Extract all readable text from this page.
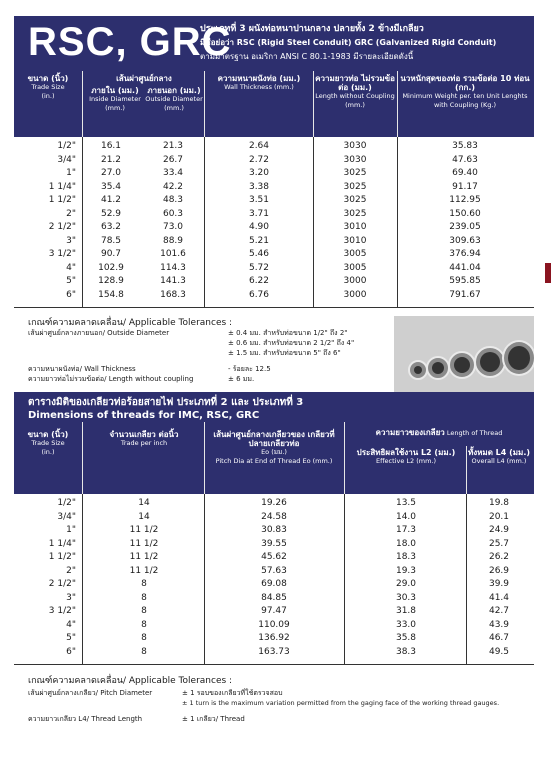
RSC, GRC
ประเภทที่ 3 ผนังท่อหนาปานกลาง ปลายทั้ง 2 ข้างมีเกลียว
มีชื่อย่อว่า RSC (Rigid Steel Conduit) GRC (Galvanized Rigid Conduit)
ตามมาตรฐาน อเมริกา ANSI C 80.1-1983 มีรายละเอียดดังนี้
ขนาด (นิ้ว)
Trade Size (in.)
เส้นผ่าศูนย์กลาง
ภายใน (มม.)
Inside Diameter (mm.)
ภายนอก (มม.)
Outside Diameter (mm.)
ความหนาผนังท่อ (มม.)
Wall Thickness (mm.)
ความยาวท่อ ไม่รวมข้อต่อ (มม.)
Length without Coupling (mm.)
นวหนักสุดของท่อ รวมข้อต่อ 10 ท่อน (กก.)
Minimum Weight per. ten Unit Lenghts with Coupling (Kg.)
1/2"	16.1	21.3	2.64	3030	35.83
3/4"	21.2	26.7	2.72	3030	47.63
1"	27.0	33.4	3.20	3025	69.40
1 1/4"	35.4	42.2	3.38	3025	91.17
1 1/2"	41.2	48.3	3.51	3025	112.95
2"	52.9	60.3	3.71	3025	150.60
2 1/2"	63.2	73.0	4.90	3010	239.05
3"	78.5	88.9	5.21	3010	309.63
3 1/2"	90.7	101.6	5.46	3005	376.94
4"	102.9	114.3	5.72	3005	441.04
5"	128.9	141.3	6.22	3000	595.85
6"	154.8	168.3	6.76	3000	791.67
เกณฑ์ความคลาดเคลื่อน/ Applicable Tolerances :
เส้นผ่าศูนย์กลางภายนอก/ Outside Diameter	± 0.4 มม. สำหรับท่อขนาด 1/2" ถึง 2"
± 0.6 มม. สำหรับท่อขนาด 2 1/2" ถึง 4"
± 1.5 มม. สำหรับท่อขนาด 5" ถึง 6"
ความหนาผนังท่อ/ Wall Thickness	- ร้อยละ 12.5
ความยาวท่อไม่รวมข้อต่อ/ Length without coupling	± 6 มม.
ตารางมิติของเกลียวท่อร้อยสายไฟ ประเภทที่ 2 และ ประเภทที่ 3
Dimensions of threads for IMC, RSC, GRC
ขนาด (นิ้ว)
Trade Size (in.)
จำนวนเกลียว ต่อนิ้ว
Trade per inch
เส้นผ่าศูนย์กลางเกลียวของ เกลียวที่ปลายเกลียวท่อ
Eo (มม.)
Pitch Dia at End of Thread Eo (mm.)
ความยาวของเกลียว Length of Thread
ประสิทธิผลใช้งาน L2 (มม.)
Effective L2 (mm.)
ทั้งหมด L4 (มม.)
Overall L4 (mm.)
1/2"	14	19.26	13.5	19.8
3/4"	14	24.58	14.0	20.1
1"	11 1/2	30.83	17.3	24.9
1 1/4"	11 1/2	39.55	18.0	25.7
1 1/2"	11 1/2	45.62	18.3	26.2
2"	11 1/2	57.63	19.3	26.9
2 1/2"	8	69.08	29.0	39.9
3"	8	84.85	30.3	41.4
3 1/2"	8	97.47	31.8	42.7
4"	8	110.09	33.0	43.9
5"	8	136.92	35.8	46.7
6"	8	163.73	38.3	49.5
เกณฑ์ความคลาดเคลื่อน/ Applicable Tolerances :
เส้นผ่าศูนย์กลางเกลียว/ Pitch Diameter	± 1 รอบของเกลียวที่ใช้ตรวจสอบ
± 1 turn is the maximum variation permitted from the gaging face of the working thread gauges.
ความยาวเกลียว L4/ Thread Length	± 1 เกลียว/ Thread
